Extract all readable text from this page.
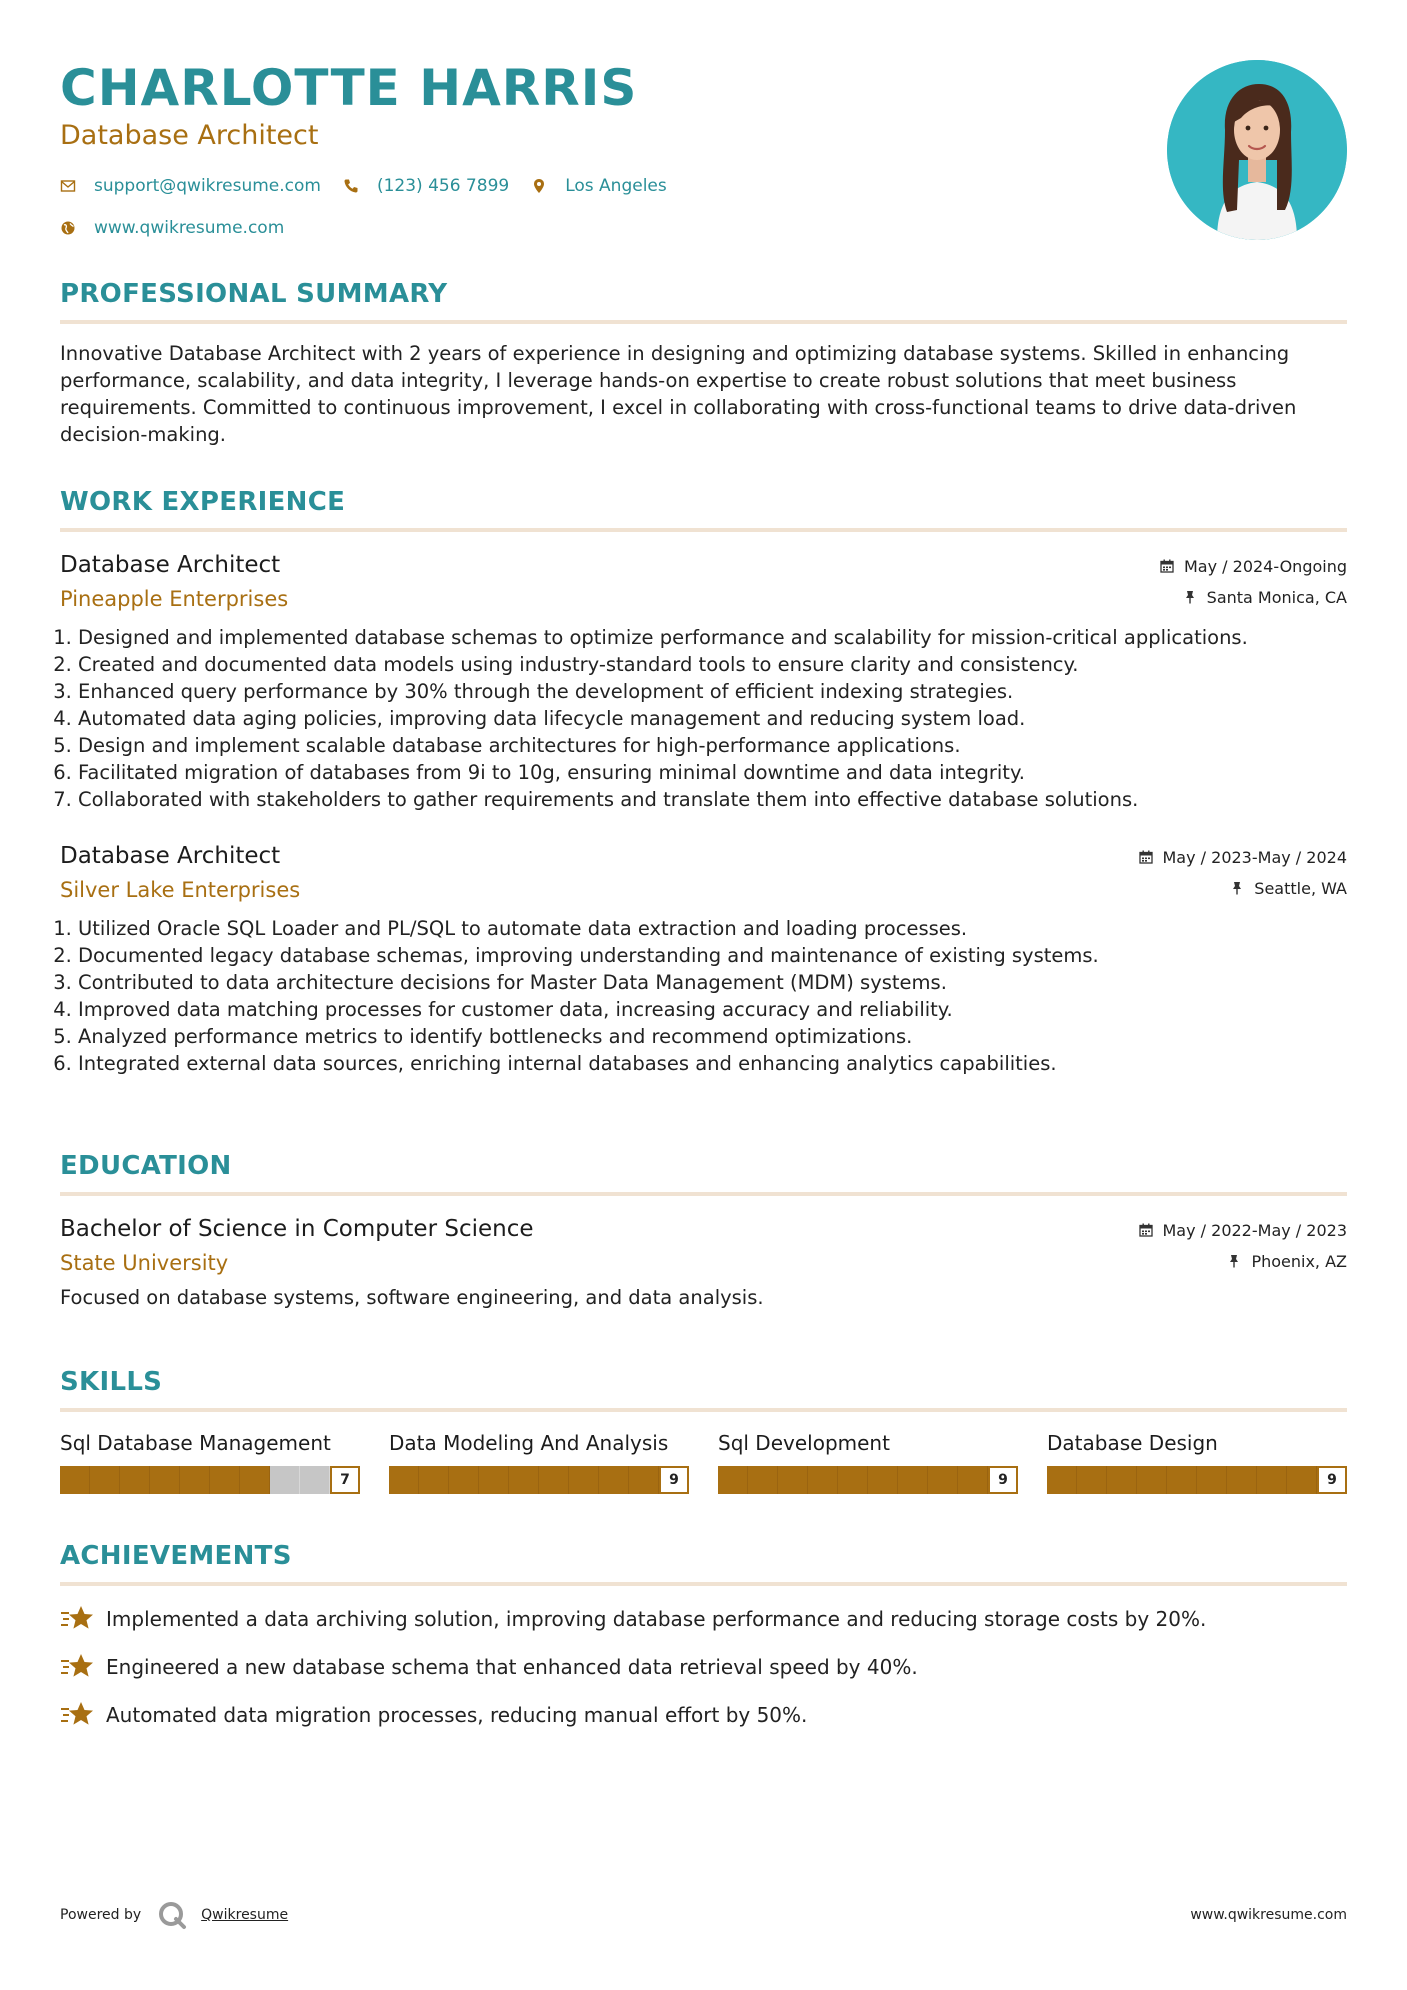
CHARLOTTE HARRIS
Database Architect
support@qwikresume.com	(123) 456 7899	Los Angeles
www.qwikresume.com
PROFESSIONAL SUMMARY
Innovative Database Architect with 2 years of experience in designing and optimizing database systems. Skilled in enhancing performance, scalability, and data integrity, I leverage hands-on expertise to create robust solutions that meet business requirements. Committed to continuous improvement, I excel in collaborating with cross-functional teams to drive data-driven decision-making.
WORK EXPERIENCE
Database Architect
Pineapple Enterprises
May / 2024-Ongoing
Santa Monica, CA
1. Designed and implemented database schemas to optimize performance and scalability for mission-critical applications.
2. Created and documented data models using industry-standard tools to ensure clarity and consistency.
3. Enhanced query performance by 30% through the development of efficient indexing strategies.
4. Automated data aging policies, improving data lifecycle management and reducing system load.
5. Design and implement scalable database architectures for high-performance applications.
6. Facilitated migration of databases from 9i to 10g, ensuring minimal downtime and data integrity.
7. Collaborated with stakeholders to gather requirements and translate them into effective database solutions.
Database Architect
Silver Lake Enterprises
May / 2023-May / 2024
Seattle, WA
1. Utilized Oracle SQL Loader and PL/SQL to automate data extraction and loading processes.
2. Documented legacy database schemas, improving understanding and maintenance of existing systems.
3. Contributed to data architecture decisions for Master Data Management (MDM) systems.
4. Improved data matching processes for customer data, increasing accuracy and reliability.
5. Analyzed performance metrics to identify bottlenecks and recommend optimizations.
6. Integrated external data sources, enriching internal databases and enhancing analytics capabilities.
EDUCATION
Bachelor of Science in Computer Science
State University
May / 2022-May / 2023
Phoenix, AZ
Focused on database systems, software engineering, and data analysis.
SKILLS
Sql Database Management
7
Data Modeling And Analysis
9
Sql Development
9
Database Design
9
ACHIEVEMENTS
Implemented a data archiving solution, improving database performance and reducing storage costs by 20%.
Engineered a new database schema that enhanced data retrieval speed by 40%.
Automated data migration processes, reducing manual effort by 50%.
Powered by	Qwikresume	www.qwikresume.com
